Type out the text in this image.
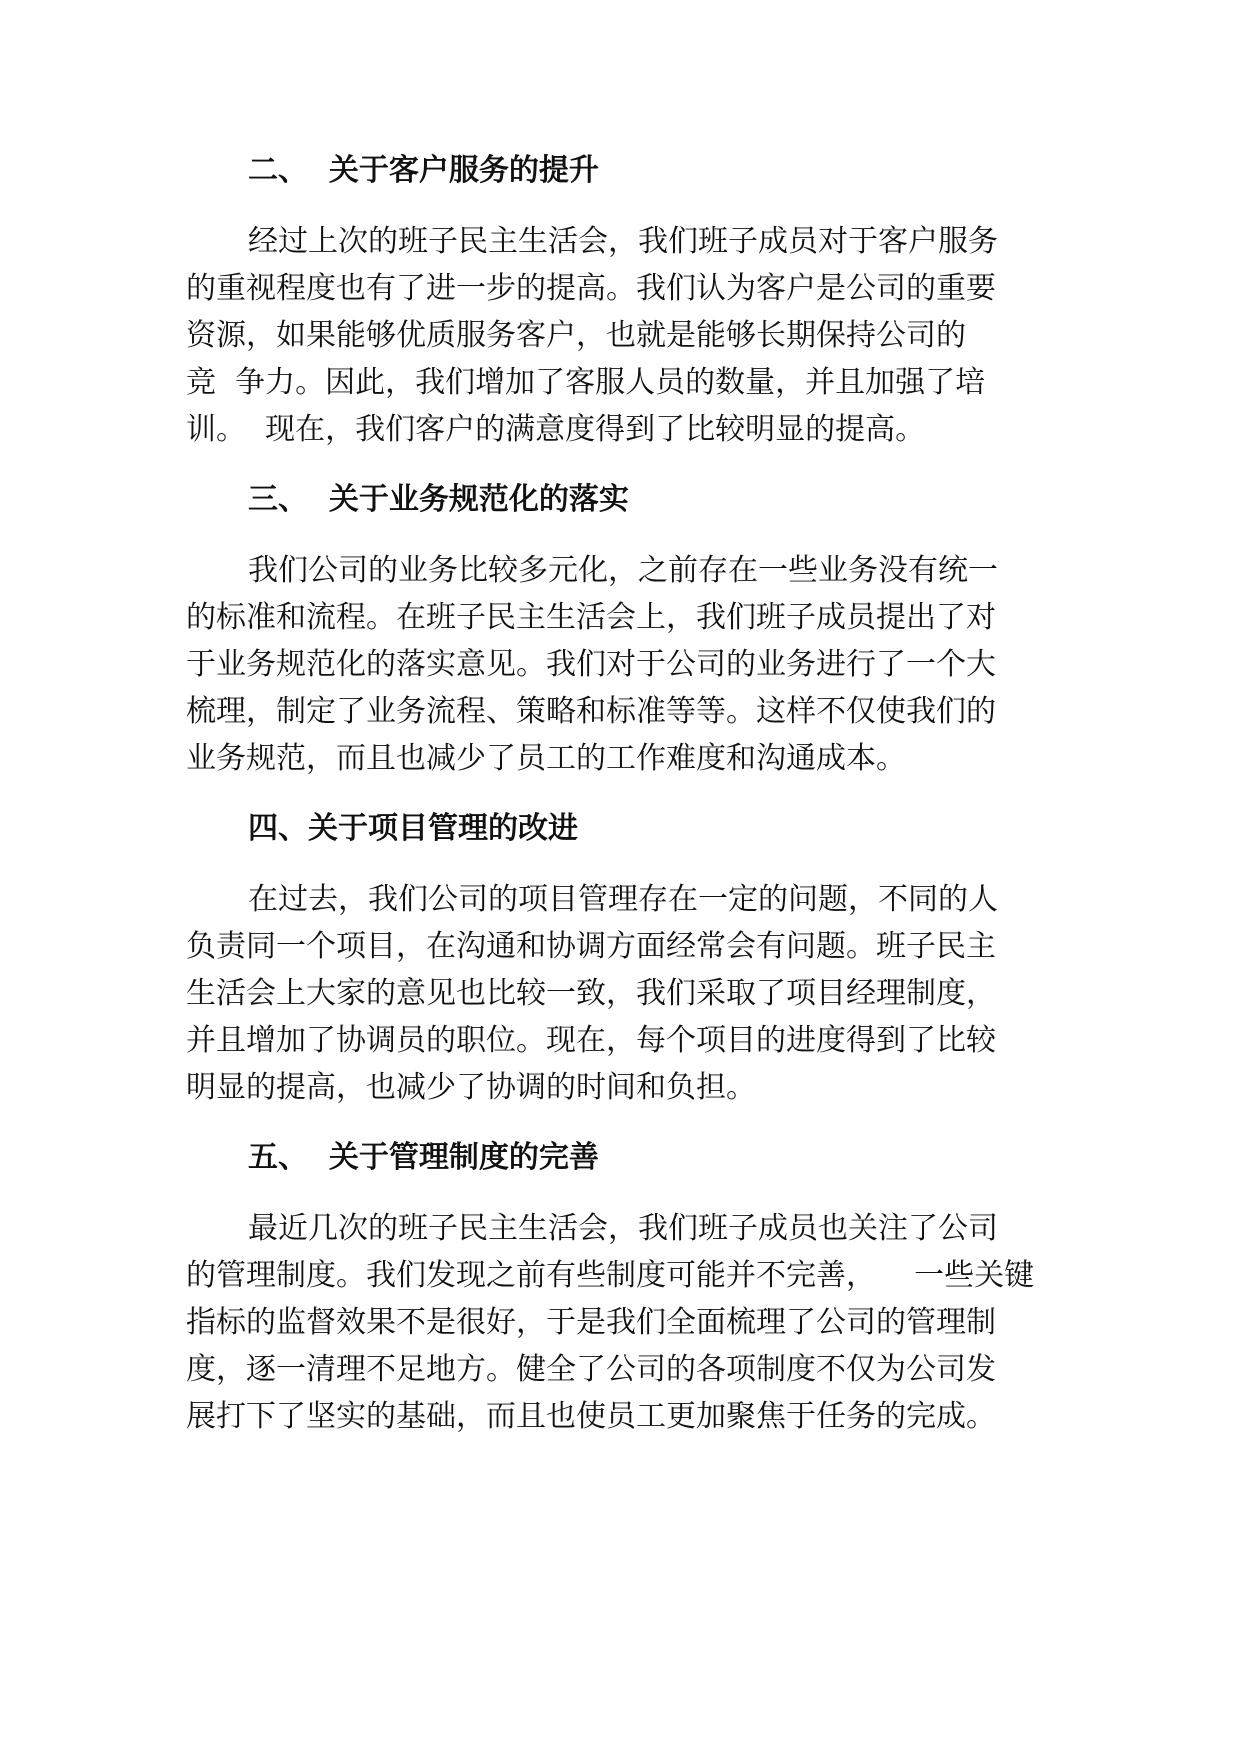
二、  关于客户服务的提升

经过上次的班子民主生活会，我们班子成员对于客户服务
的重视程度也有了进一步的提高。我们认为客户是公司的重要
资源，如果能够优质服务客户，也就是能够长期保持公司的
竞  争力。因此，我们增加了客服人员的数量，并且加强了培
训。  现在，我们客户的满意度得到了比较明显的提高。

三、  关于业务规范化的落实

我们公司的业务比较多元化，之前存在一些业务没有统一
的标准和流程。在班子民主生活会上，我们班子成员提出了对
于业务规范化的落实意见。我们对于公司的业务进行了一个大
梳理，制定了业务流程、策略和标准等等。这样不仅使我们的
业务规范，而且也减少了员工的工作难度和沟通成本。

四、关于项目管理的改进

在过去，我们公司的项目管理存在一定的问题，不同的人
负责同一个项目，在沟通和协调方面经常会有问题。班子民主
生活会上大家的意见也比较一致，我们采取了项目经理制度，
并且增加了协调员的职位。现在，每个项目的进度得到了比较
明显的提高，也减少了协调的时间和负担。

五、  关于管理制度的完善

最近几次的班子民主生活会，我们班子成员也关注了公司
的管理制度。我们发现之前有些制度可能并不完善，    一些关键
指标的监督效果不是很好，于是我们全面梳理了公司的管理制
度，逐一清理不足地方。健全了公司的各项制度不仅为公司发
展打下了坚实的基础，而且也使员工更加聚焦于任务的完成。
